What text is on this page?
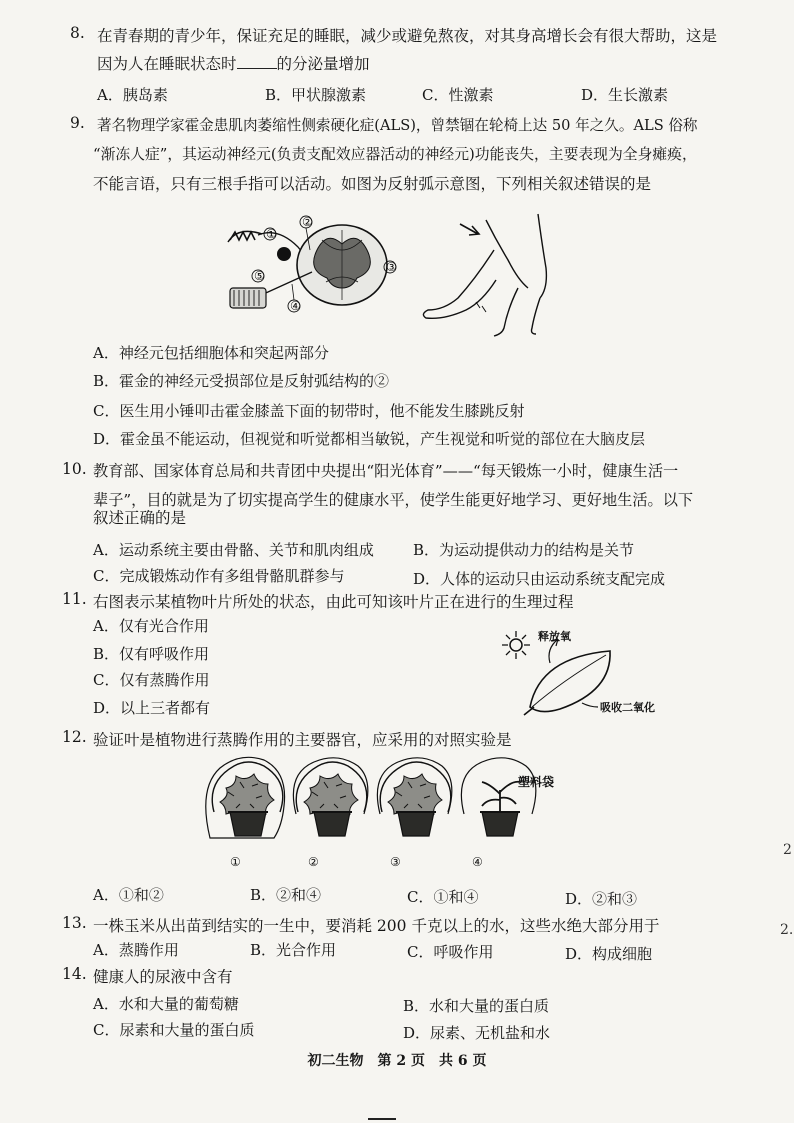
8. 在青春期的青少年，保证充足的睡眠，减少或避免熬夜，对其身高增长会有很大帮助，这是
因为人在睡眠状态时	的分泌量增加
A．胰岛素	B．甲状腺激素	C．性激素	D．生长激素
9. 著名物理学家霍金患肌肉萎缩性侧索硬化症(ALS)，曾禁锢在轮椅上达 50 年之久。ALS 俗称
“渐冻人症”，其运动神经元(负责支配效应器活动的神经元)功能丧失，主要表现为全身瘫痪，
不能言语，只有三根手指可以活动。如图为反射弧示意图，下列相关叙述错误的是
①
②
③
④
⑤
A．神经元包括细胞体和突起两部分
B．霍金的神经元受损部位是反射弧结构的②
C．医生用小锤叩击霍金膝盖下面的韧带时，他不能发生膝跳反射
D．霍金虽不能运动，但视觉和听觉都相当敏锐，产生视觉和听觉的部位在大脑皮层
10. 教育部、国家体育总局和共青团中央提出“阳光体育”——“每天锻炼一小时，健康生活一
辈子”，目的就是为了切实提高学生的健康水平，使学生能更好地学习、更好地生活。以下
叙述正确的是
A．运动系统主要由骨骼、关节和肌肉组成	B．为运动提供动力的结构是关节
C．完成锻炼动作有多组骨骼肌群参与	D．人体的运动只由运动系统支配完成
11. 右图表示某植物叶片所处的状态，由此可知该叶片正在进行的生理过程
A．仅有光合作用
B．仅有呼吸作用
C．仅有蒸腾作用
D．以上三者都有
释放氧
吸收二氧化
12. 验证叶是植物进行蒸腾作用的主要器官，应采用的对照实验是
塑料袋
①	②	③	④
A．①和②	B．②和④	C．①和④	D．②和③
13. 一株玉米从出苗到结实的一生中，要消耗 200 千克以上的水，这些水绝大部分用于
A．蒸腾作用	B．光合作用	C．呼吸作用	D．构成细胞
14. 健康人的尿液中含有
A．水和大量的葡萄糖	B．水和大量的蛋白质
C．尿素和大量的蛋白质	D．尿素、无机盐和水
初二生物　第 2 页　共 6 页
2
2.
